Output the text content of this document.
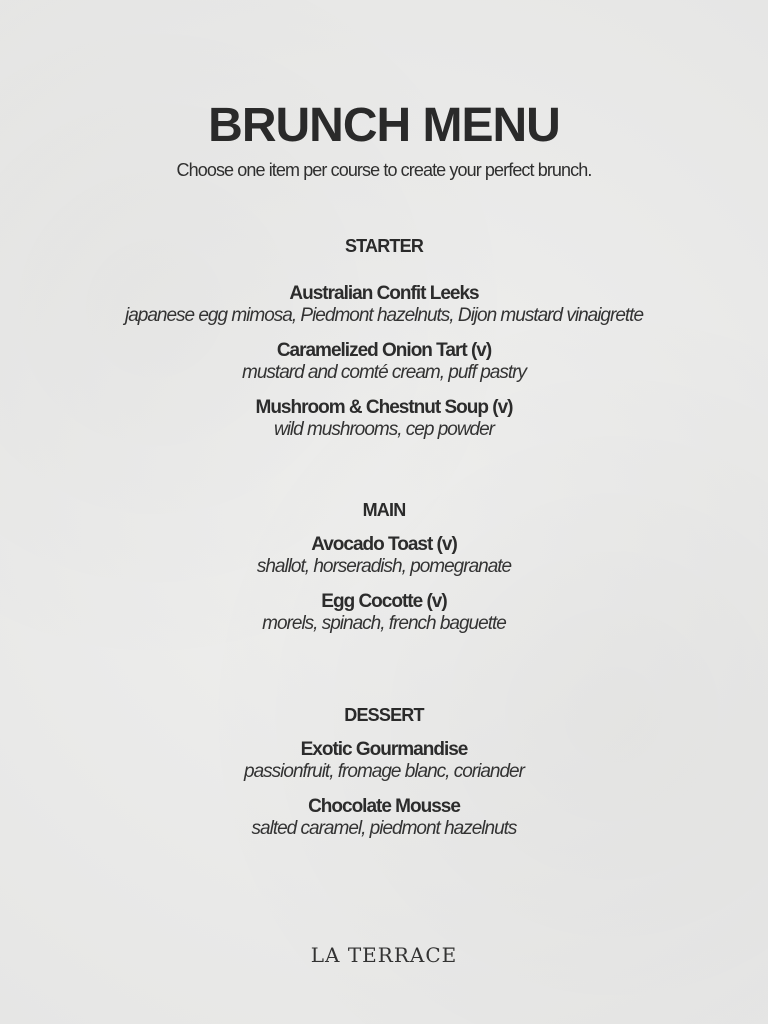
BRUNCH MENU
Choose one item per course to create your perfect brunch.
STARTER
Australian Confit Leeks
japanese egg mimosa, Piedmont hazelnuts, Dijon mustard vinaigrette
Caramelized Onion Tart (v)
mustard and comté cream, puff pastry
Mushroom & Chestnut Soup (v)
wild mushrooms, cep powder
MAIN
Avocado Toast (v)
shallot, horseradish, pomegranate
Egg Cocotte (v)
morels, spinach, french baguette
DESSERT
Exotic Gourmandise
passionfruit, fromage blanc, coriander
Chocolate Mousse
salted caramel, piedmont hazelnuts
LA TERRACE
